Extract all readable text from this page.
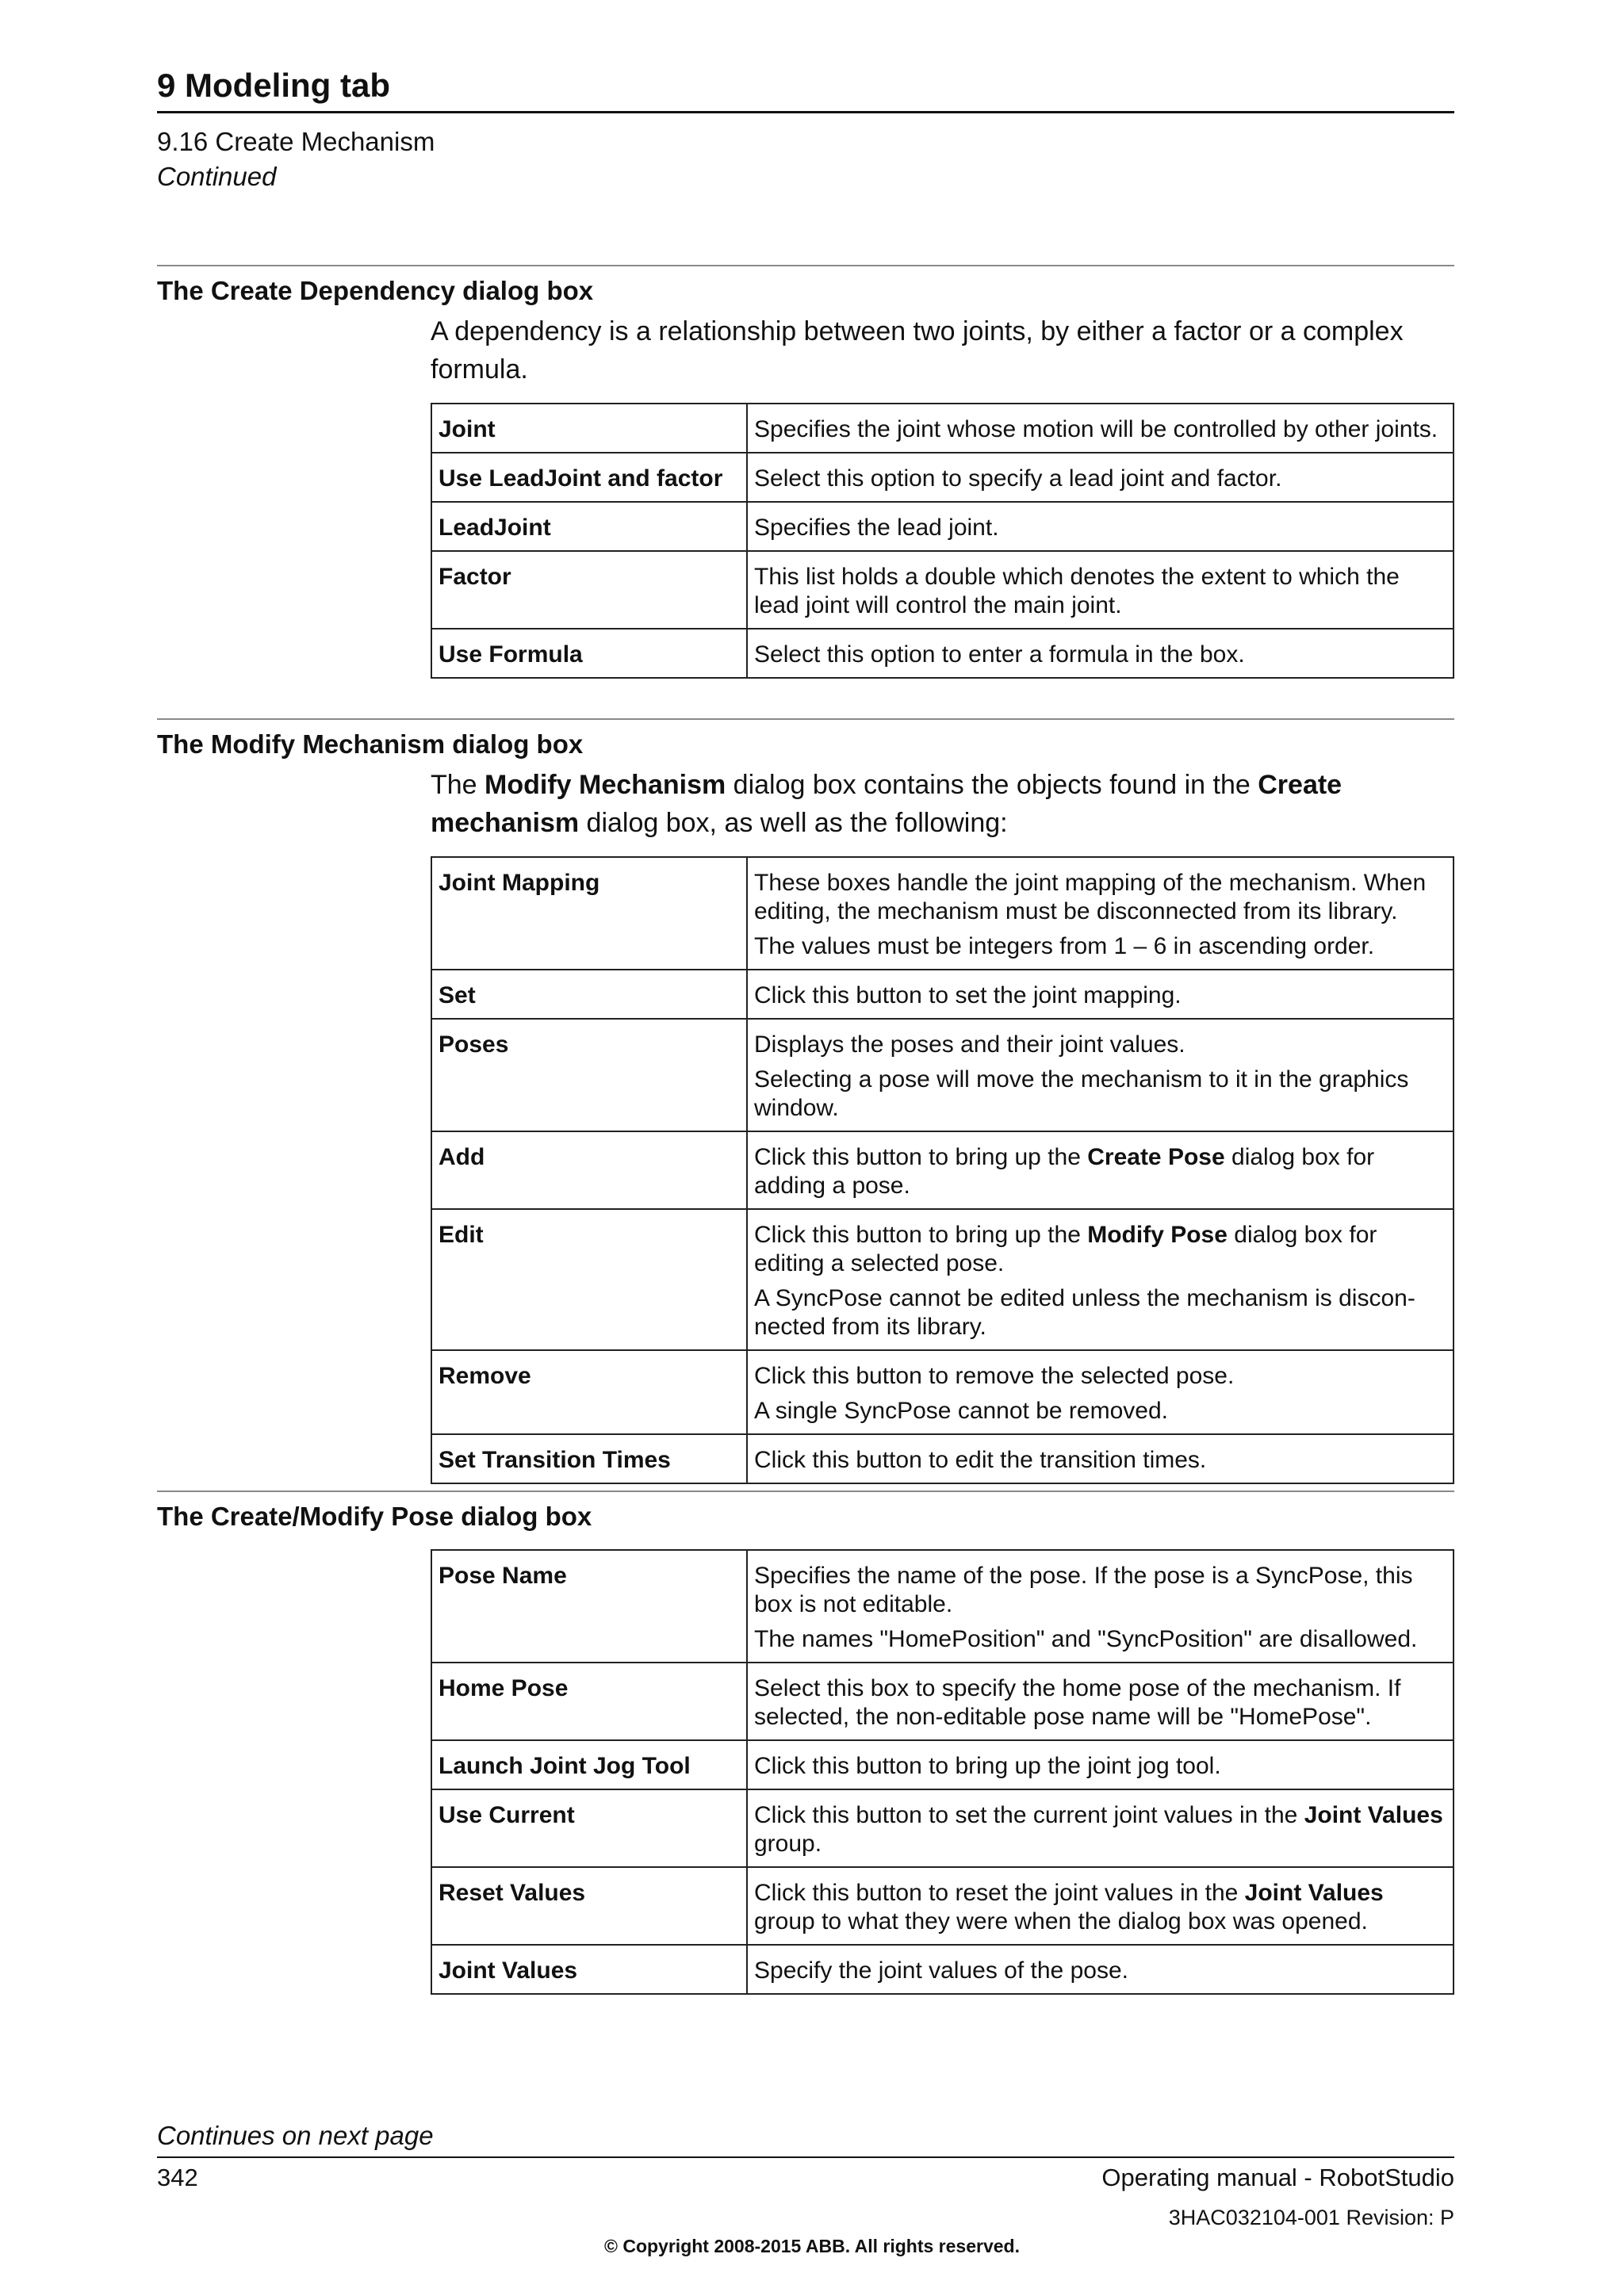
9 Modeling tab
9.16 Create Mechanism
Continued
The Create Dependency dialog box
A dependency is a relationship between two joints, by either a factor or a complex formula.
Joint	Specifies the joint whose motion will be controlled by other joints.

Use LeadJoint and factor	Select this option to specify a lead joint and factor.

LeadJoint	Specifies the lead joint.

Factor	This list holds a double which denotes the extent to which the lead joint will control the main joint.

Use Formula	Select this option to enter a formula in the box.

The Modify Mechanism dialog box
The Modify Mechanism dialog box contains the objects found in the Create mechanism dialog box, as well as the following:
Joint Mapping	These boxes handle the joint mapping of the mechanism. When editing, the mechanism must be disconnected from its library.

The values must be integers from 1 – 6 in ascending order.

Set	Click this button to set the joint mapping.

Poses	Displays the poses and their joint values.

Selecting a pose will move the mechanism to it in the graphics window.

Add	Click this button to bring up the Create Pose dialog box for adding a pose.

Edit	Click this button to bring up the Modify Pose dialog box for editing a selected pose.

A SyncPose cannot be edited unless the mechanism is discon-nected from its library.

Remove	Click this button to remove the selected pose.

A single SyncPose cannot be removed.

Set Transition Times	Click this button to edit the transition times.

The Create/Modify Pose dialog box
Pose Name	Specifies the name of the pose. If the pose is a SyncPose, this box is not editable.

The names "HomePosition" and "SyncPosition" are disallowed.

Home Pose	Select this box to specify the home pose of the mechanism. If selected, the non-editable pose name will be "HomePose".

Launch Joint Jog Tool	Click this button to bring up the joint jog tool.

Use Current	Click this button to set the current joint values in the Joint Values group.

Reset Values	Click this button to reset the joint values in the Joint Values group to what they were when the dialog box was opened.

Joint Values	Specify the joint values of the pose.

Continues on next page
342	Operating manual - RobotStudio
3HAC032104-001 Revision: P
© Copyright 2008-2015 ABB. All rights reserved.
